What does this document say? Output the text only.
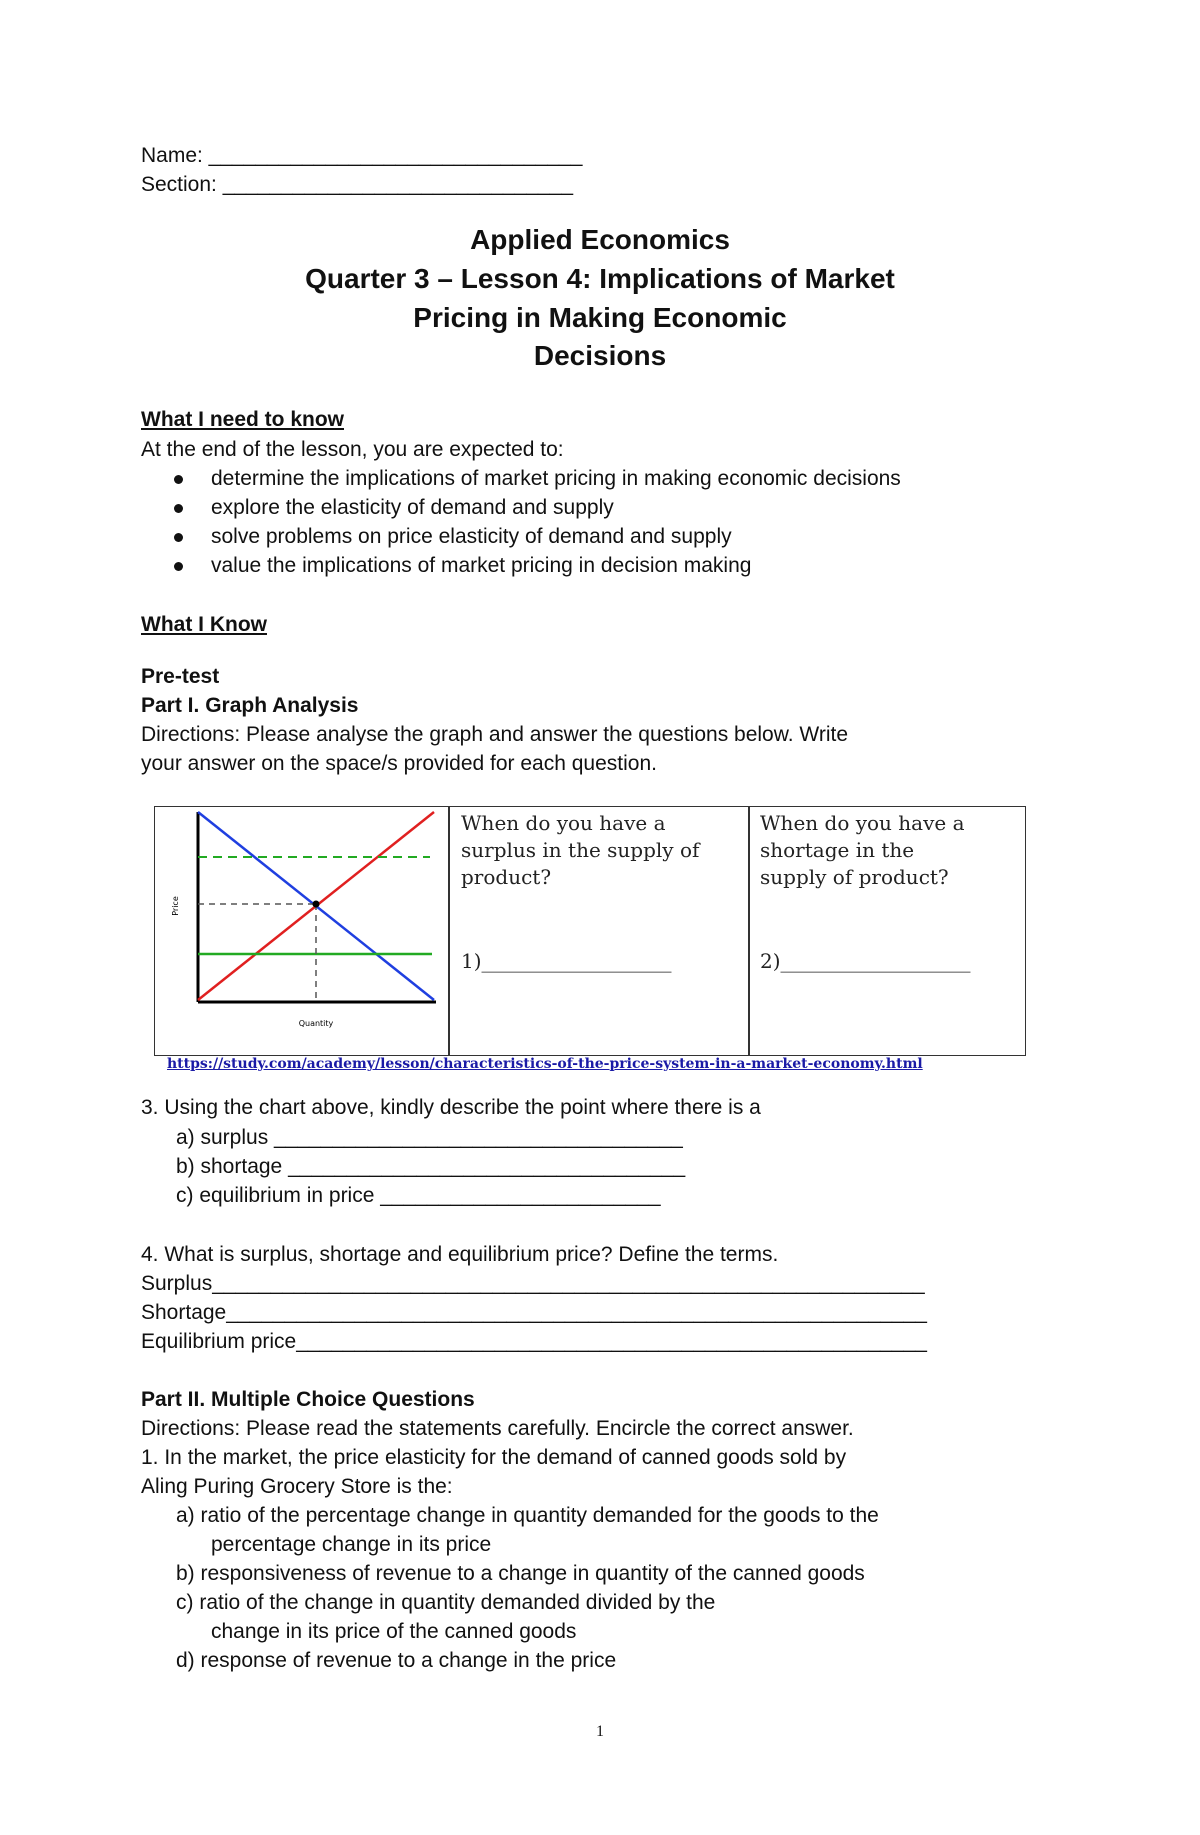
Name: ________________________________
Section: ______________________________
Applied Economics
Quarter 3 – Lesson 4: Implications of Market
Pricing in Making Economic
Decisions
What I need to know
At the end of the lesson, you are expected to:
determine the implications of market pricing in making economic decisions
explore the elasticity of demand and supply
solve problems on price elasticity of demand and supply
value the implications of market pricing in decision making
What I Know
Pre-test
Part I. Graph Analysis
Directions: Please analyse the graph and answer the questions below. Write
your answer on the space/s provided for each question.
Price
Quantity
When do you have a
surplus in the supply of
product?
1)___________________
When do you have a
shortage in the
supply of product?
2)___________________
https://study.com/academy/lesson/characteristics-of-the-price-system-in-a-market-economy.html
3. Using the chart above, kindly describe the point where there is a
a) surplus ___________________________________
b) shortage __________________________________
c) equilibrium in price ________________________
4. What is surplus, shortage and equilibrium price? Define the terms.
Surplus_____________________________________________________________
Shortage____________________________________________________________
Equilibrium price______________________________________________________
Part II. Multiple Choice Questions
Directions: Please read the statements carefully. Encircle the correct answer.
1. In the market, the price elasticity for the demand of canned goods sold by
Aling Puring Grocery Store is the:
a) ratio of the percentage change in quantity demanded for the goods to the
percentage change in its price
b) responsiveness of revenue to a change in quantity of the canned goods
c) ratio of the change in quantity demanded divided by the
change in its price of the canned goods
d) response of revenue to a change in the price
1
